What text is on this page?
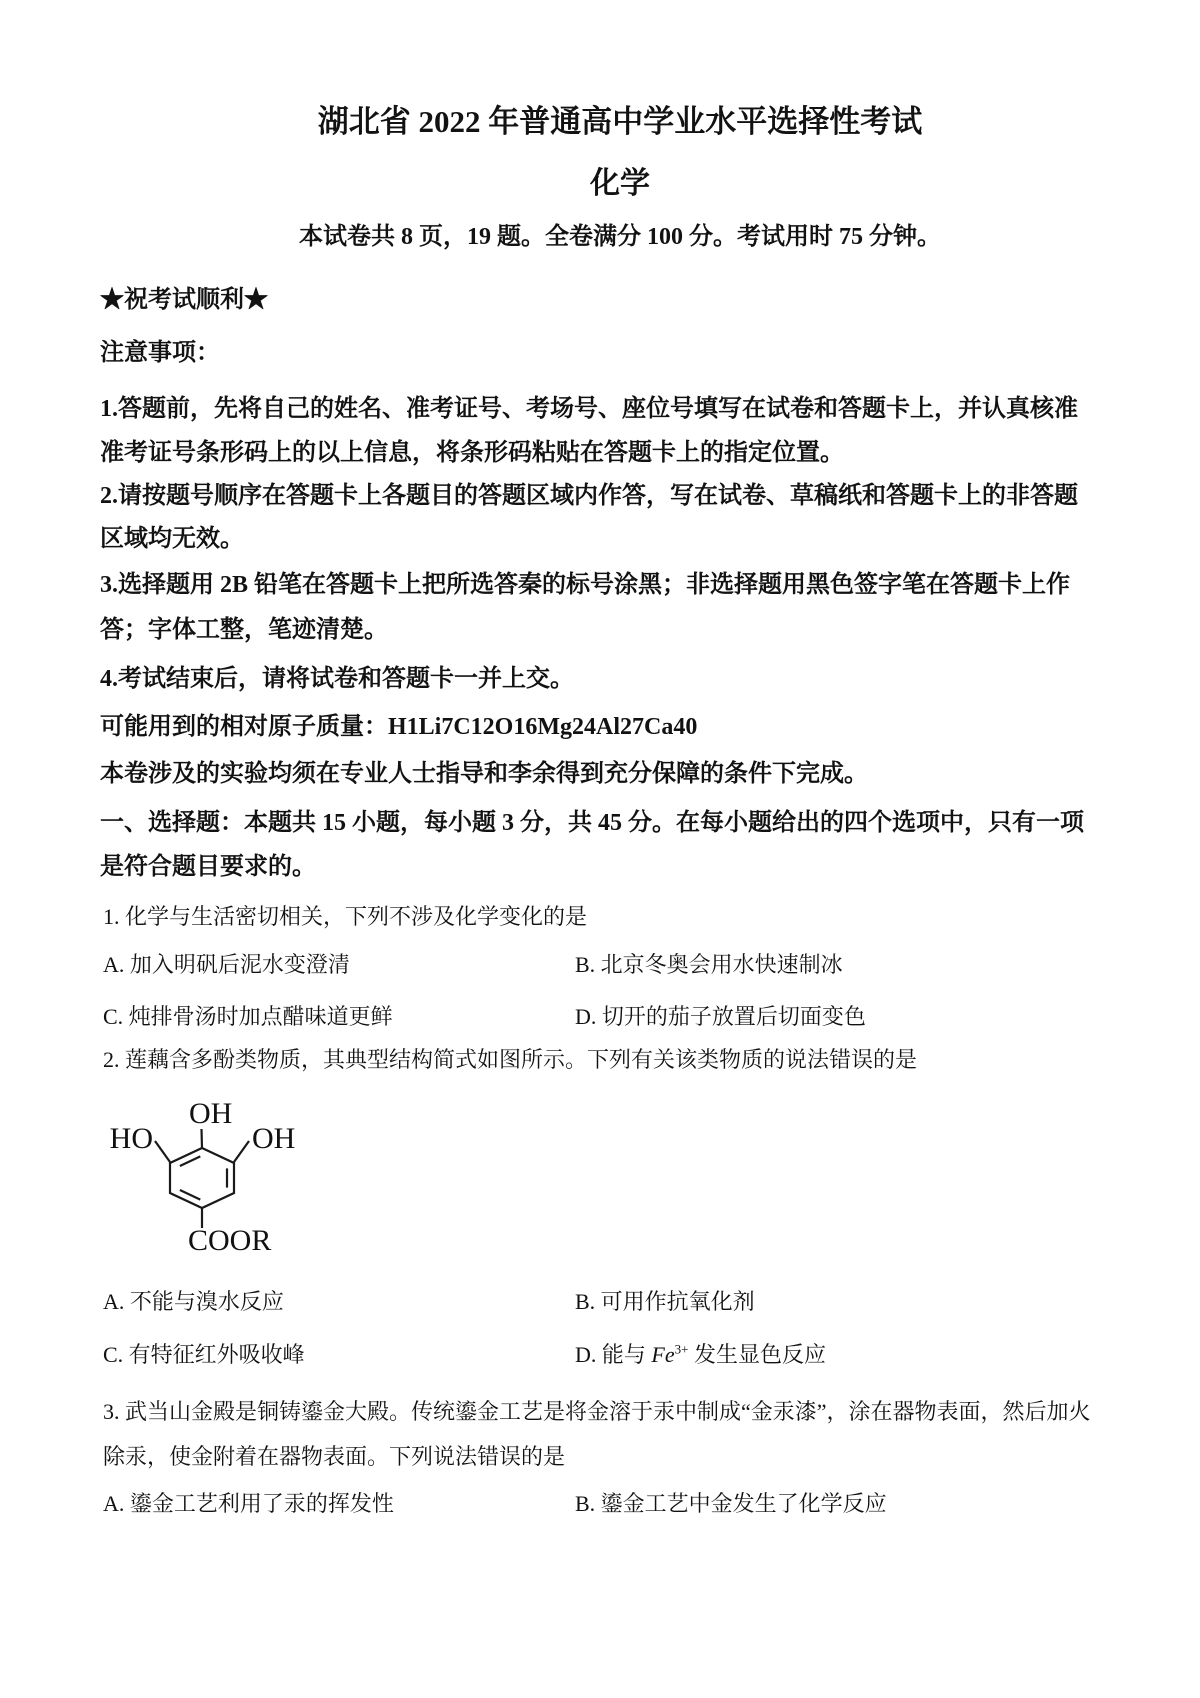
湖北省 2022 年普通高中学业水平选择性考试
化学
本试卷共 8 页，19 题。全卷满分 100 分。考试用时 75 分钟。
★祝考试顺利★
注意事项：
1.答题前，先将自己的姓名、准考证号、考场号、座位号填写在试卷和答题卡上，并认真核准
准考证号条形码上的以上信息，将条形码粘贴在答题卡上的指定位置。
2.请按题号顺序在答题卡上各题目的答题区域内作答，写在试卷、草稿纸和答题卡上的非答题
区域均无效。
3.选择题用 2B 铅笔在答题卡上把所选答秦的标号涂黑；非选择题用黑色签字笔在答题卡上作
答；字体工整，笔迹清楚。
4.考试结束后，请将试卷和答题卡一并上交。
可能用到的相对原子质量：H1Li7C12O16Mg24Al27Ca40
本卷涉及的实验均须在专业人士指导和李余得到充分保障的条件下完成。
一、选择题：本题共 15 小题，每小题 3 分，共 45 分。在每小题给出的四个选项中，只有一项
是符合题目要求的。
1. 化学与生活密切相关，下列不涉及化学变化的是
A. 加入明矾后泥水变澄清	B. 北京冬奥会用水快速制冰
C. 炖排骨汤时加点醋味道更鲜	D. 切开的茄子放置后切面变色
2. 莲藕含多酚类物质，其典型结构简式如图所示。下列有关该类物质的说法错误的是
OH
HO	OH
COOR
A. 不能与溴水反应	B. 可用作抗氧化剂
C. 有特征红外吸收峰	D. 能与 $Fe^{3+}$ 发生显色反应
3. 武当山金殿是铜铸鎏金大殿。传统鎏金工艺是将金溶于汞中制成“金汞漆”，涂在器物表面，然后加火
除汞，使金附着在器物表面。下列说法错误的是
A. 鎏金工艺利用了汞的挥发性	B. 鎏金工艺中金发生了化学反应
